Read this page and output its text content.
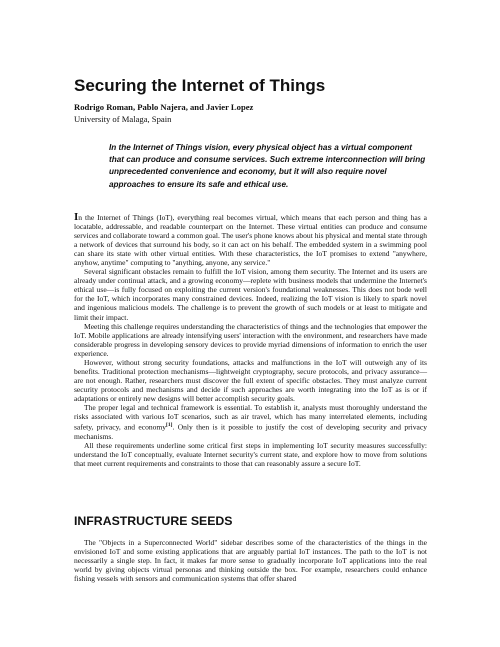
Securing the Internet of Things
Rodrigo Roman, Pablo Najera, and Javier Lopez
University of Malaga, Spain

In the Internet of Things vision, every physical object has a virtual component that can produce and consume services. Such extreme interconnection will bring unprecedented convenience and economy, but it will also require novel approaches to ensure its safe and ethical use.

In the Internet of Things (IoT), everything real becomes virtual, which means that each person and thing has a locatable, addressable, and readable counterpart on the Internet. These virtual entities can produce and consume services and collaborate toward a common goal. The user's phone knows about his physical and mental state through a network of devices that surround his body, so it can act on his behalf. The embedded system in a swimming pool can share its state with other virtual entities. With these characteristics, the IoT promises to extend "anywhere, anyhow, anytime" computing to "anything, anyone, any service."

Several significant obstacles remain to fulfill the IoT vision, among them security. The Internet and its users are already under continual attack, and a growing economy—replete with business models that undermine the Internet's ethical use—is fully focused on exploiting the current version's foundational weaknesses. This does not bode well for the IoT, which incorporates many constrained devices. Indeed, realizing the IoT vision is likely to spark novel and ingenious malicious models. The challenge is to prevent the growth of such models or at least to mitigate and limit their impact.

Meeting this challenge requires understanding the characteristics of things and the technologies that empower the IoT. Mobile applications are already intensifying users' interaction with the environment, and researchers have made considerable progress in developing sensory devices to provide myriad dimensions of information to enrich the user experience.

However, without strong security foundations, attacks and malfunctions in the IoT will outweigh any of its benefits. Traditional protection mechanisms—lightweight cryptography, secure protocols, and privacy assurance—are not enough. Rather, researchers must discover the full extent of specific obstacles. They must analyze current security protocols and mechanisms and decide if such approaches are worth integrating into the IoT as is or if adaptations or entirely new designs will better accomplish security goals.

The proper legal and technical framework is essential. To establish it, analysts must thoroughly understand the risks associated with various IoT scenarios, such as air travel, which has many interrelated elements, including safety, privacy, and economy[1]. Only then is it possible to justify the cost of developing security and privacy mechanisms.

All these requirements underline some critical first steps in implementing IoT security measures successfully: understand the IoT conceptually, evaluate Internet security's current state, and explore how to move from solutions that meet current requirements and constraints to those that can reasonably assure a secure IoT.

INFRASTRUCTURE SEEDS

The "Objects in a Superconnected World" sidebar describes some of the characteristics of the things in the envisioned IoT and some existing applications that are arguably partial IoT instances. The path to the IoT is not necessarily a single step. In fact, it makes far more sense to gradually incorporate IoT applications into the real world by giving objects virtual personas and thinking outside the box. For example, researchers could enhance fishing vessels with sensors and communication systems that offer shared
